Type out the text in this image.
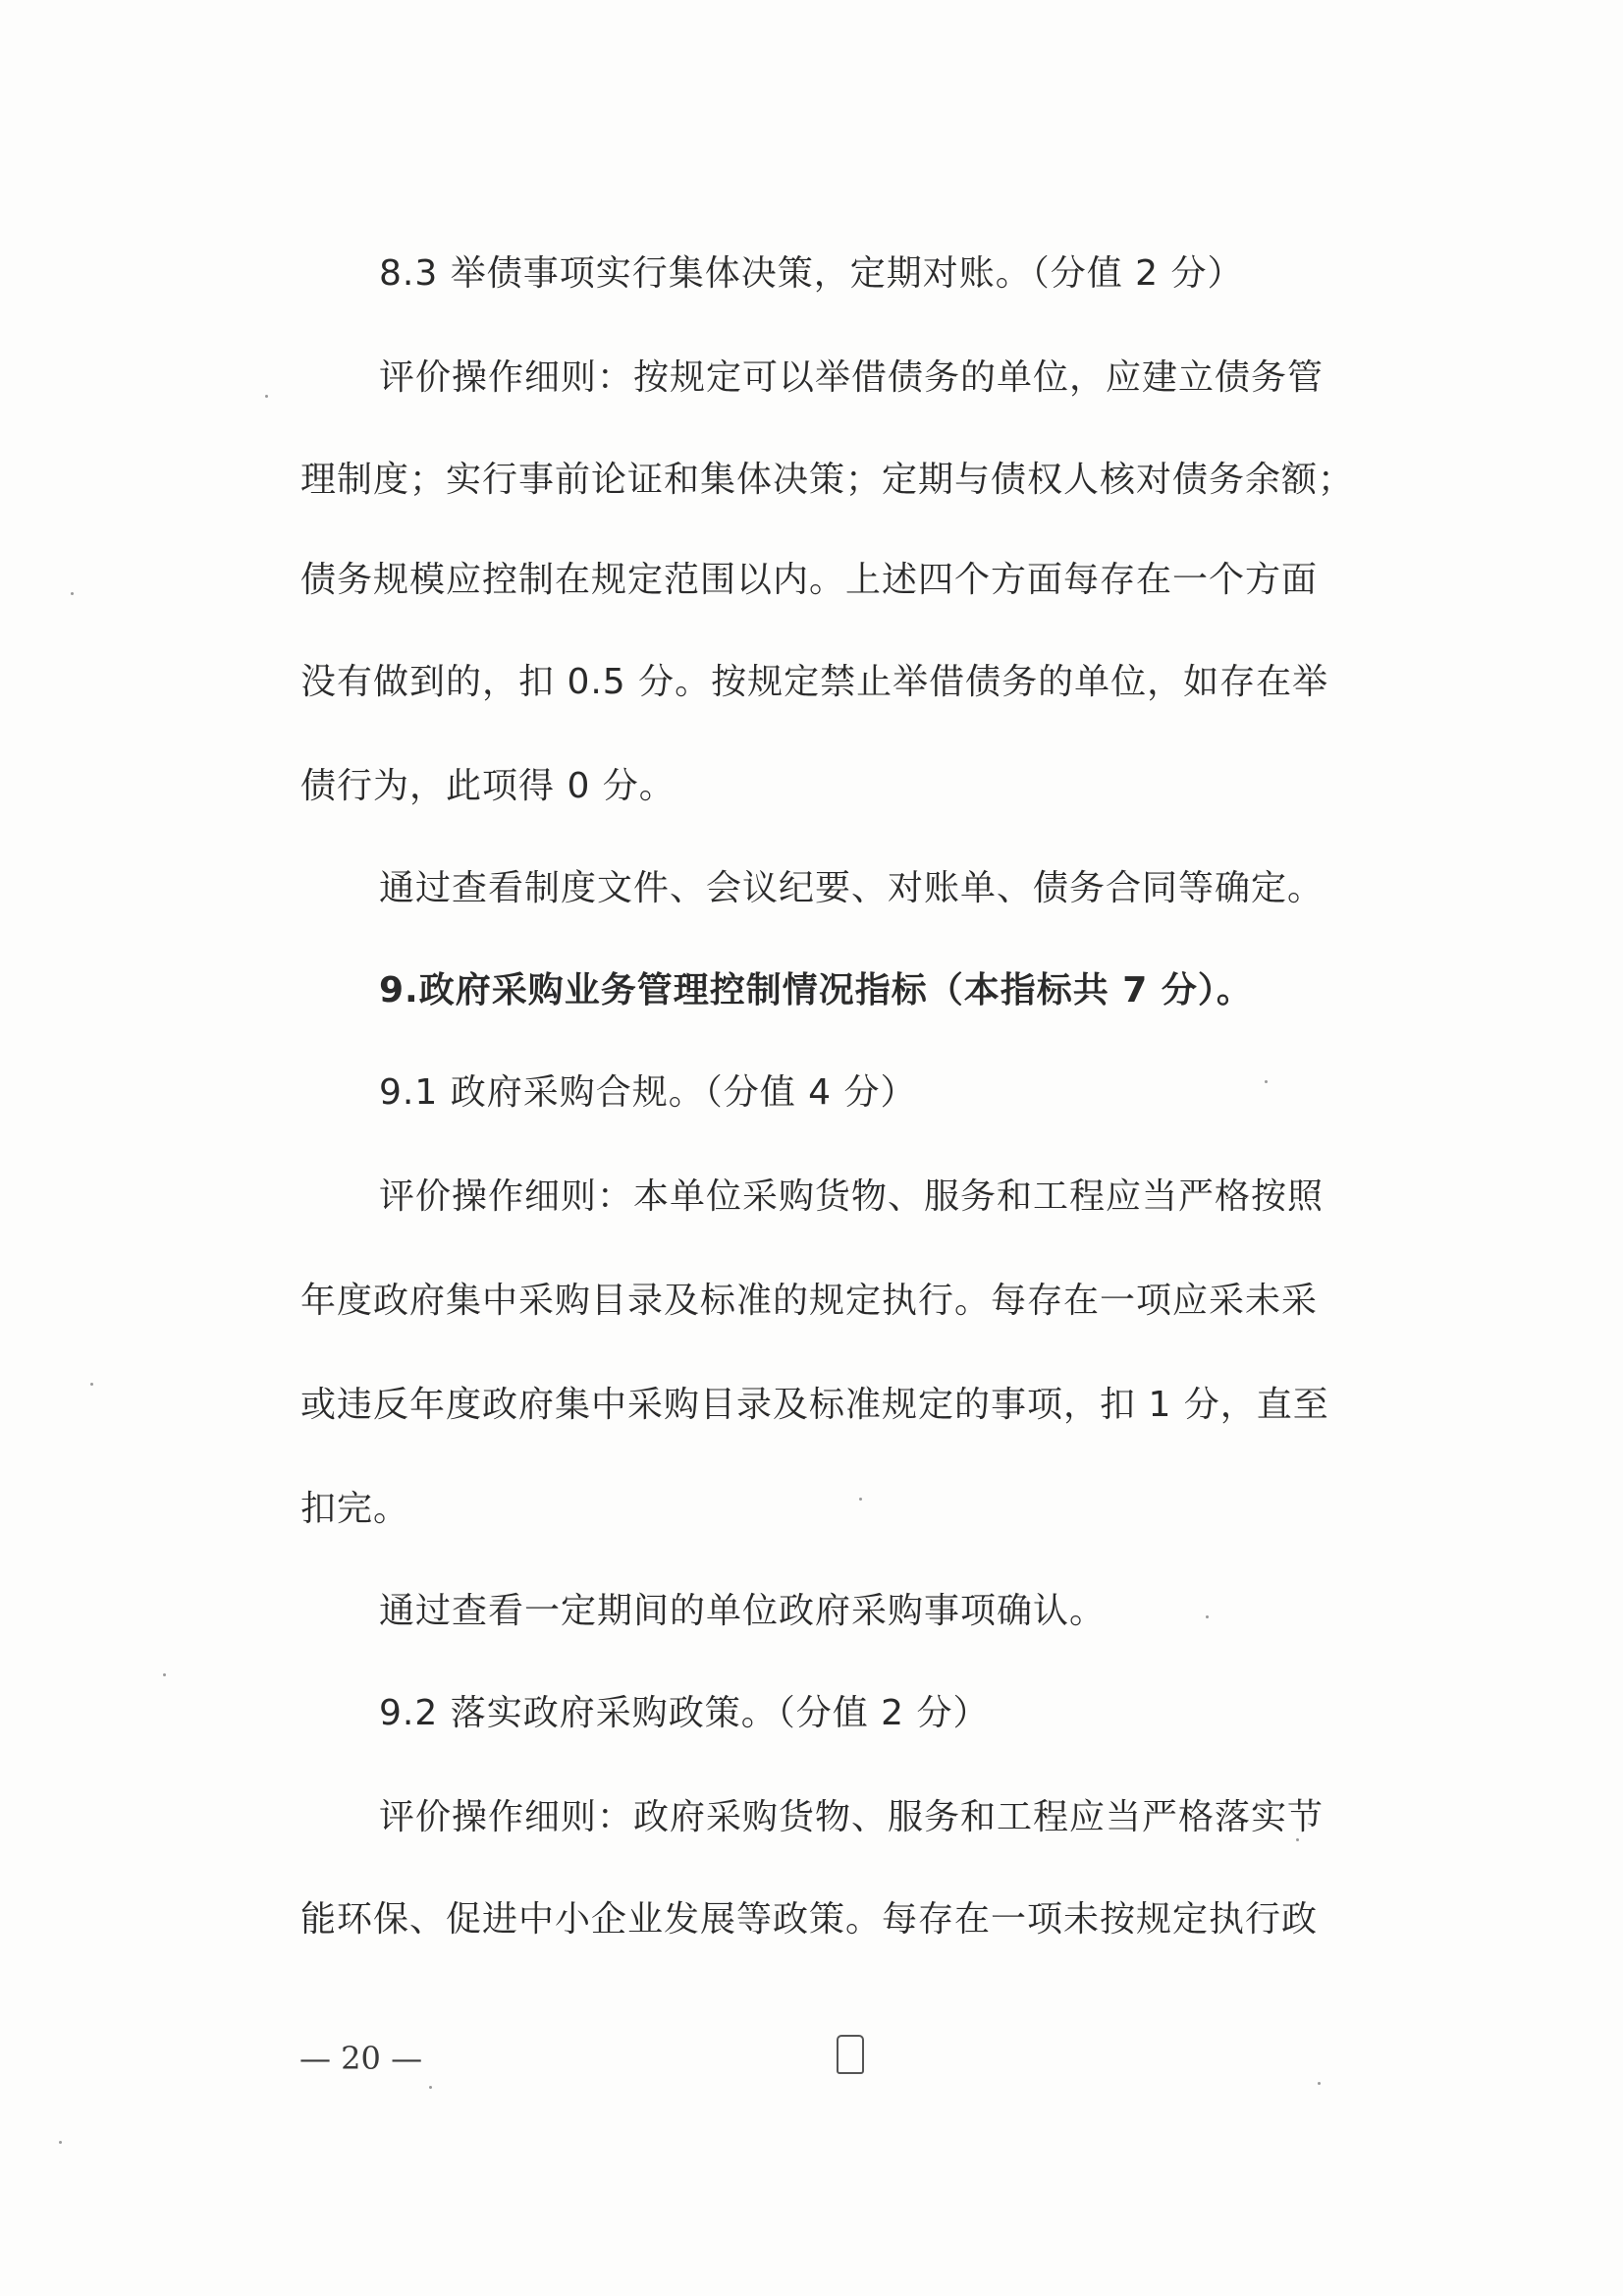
8.3 举债事项实行集体决策，定期对账。（分值 2 分）
评价操作细则：按规定可以举借债务的单位，应建立债务管
理制度；实行事前论证和集体决策；定期与债权人核对债务余额；
债务规模应控制在规定范围以内。上述四个方面每存在一个方面
没有做到的，扣 0.5 分。按规定禁止举借债务的单位，如存在举
债行为，此项得 0 分。
通过查看制度文件、会议纪要、对账单、债务合同等确定。
9.政府采购业务管理控制情况指标（本指标共 7 分）。
9.1 政府采购合规。（分值 4 分）
评价操作细则：本单位采购货物、服务和工程应当严格按照
年度政府集中采购目录及标准的规定执行。每存在一项应采未采
或违反年度政府集中采购目录及标准规定的事项，扣 1 分，直至
扣完。
通过查看一定期间的单位政府采购事项确认。
9.2 落实政府采购政策。（分值 2 分）
评价操作细则：政府采购货物、服务和工程应当严格落实节
能环保、促进中小企业发展等政策。每存在一项未按规定执行政
— 20 —
